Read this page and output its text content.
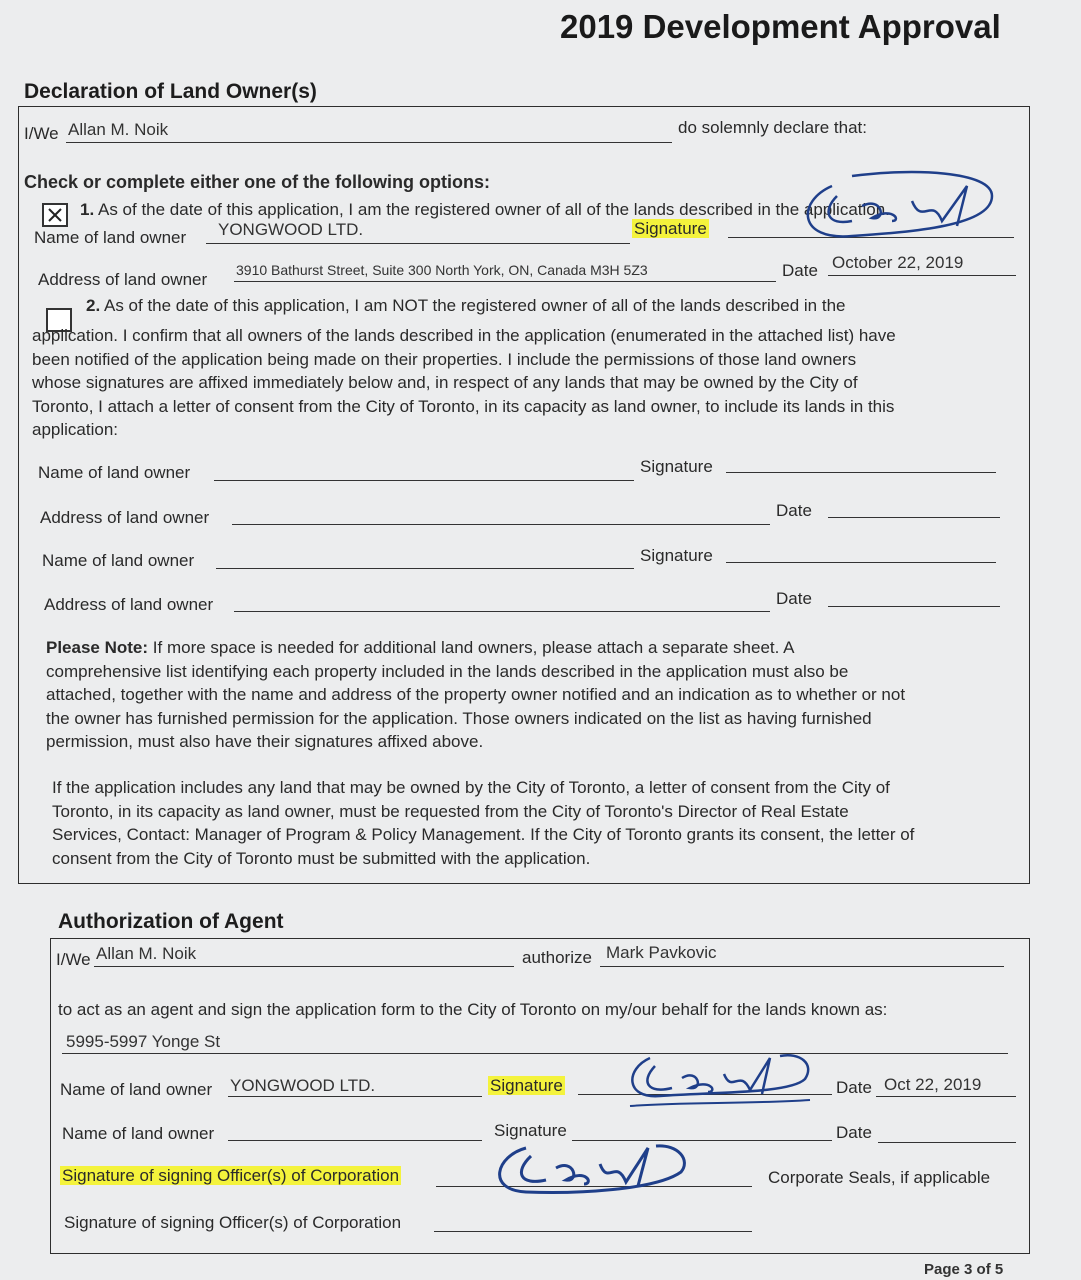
2019 Development Approval
Declaration of Land Owner(s)
I/We Allan M. Noik	do solemnly declare that:
Check or complete either one of the following options:
1. As of the date of this application, I am the registered owner of all of the lands described in the application.
Name of land owner YONGWOOD LTD.	Signature
Address of land owner 3910 Bathurst Street, Suite 300 North York, ON, Canada M3H 5Z3	Date October 22, 2019
2. As of the date of this application, I am NOT the registered owner of all of the lands described in the

application. I confirm that all owners of the lands described in the application (enumerated in the attached list) have

been notified of the application being made on their properties. I include the permissions of those land owners

whose signatures are affixed immediately below and, in respect of any lands that may be owned by the City of

Toronto, I attach a letter of consent from the City of Toronto, in its capacity as land owner, to include its lands in this

application:

Name of land owner	Signature
Address of land owner	Date
Name of land owner	Signature
Address of land owner	Date

Please Note: If more space is needed for additional land owners, please attach a separate sheet. A

comprehensive list identifying each property included in the lands described in the application must also be

attached, together with the name and address of the property owner notified and an indication as to whether or not

the owner has furnished permission for the application. Those owners indicated on the list as having furnished

permission, must also have their signatures affixed above.

If the application includes any land that may be owned by the City of Toronto, a letter of consent from the City of

Toronto, in its capacity as land owner, must be requested from the City of Toronto's Director of Real Estate

Services, Contact: Manager of Program & Policy Management. If the City of Toronto grants its consent, the letter of

consent from the City of Toronto must be submitted with the application.

Authorization of Agent
I/We Allan M. Noik	authorize Mark Pavkovic
to act as an agent and sign the application form to the City of Toronto on my/our behalf for the lands known as:
5995-5997 Yonge St
Name of land owner YONGWOOD LTD.	Signature	Date Oct 22, 2019
Name of land owner	Signature	Date
Signature of signing Officer(s) of Corporation	Corporate Seals, if applicable
Signature of signing Officer(s) of Corporation
Page 3 of 5
